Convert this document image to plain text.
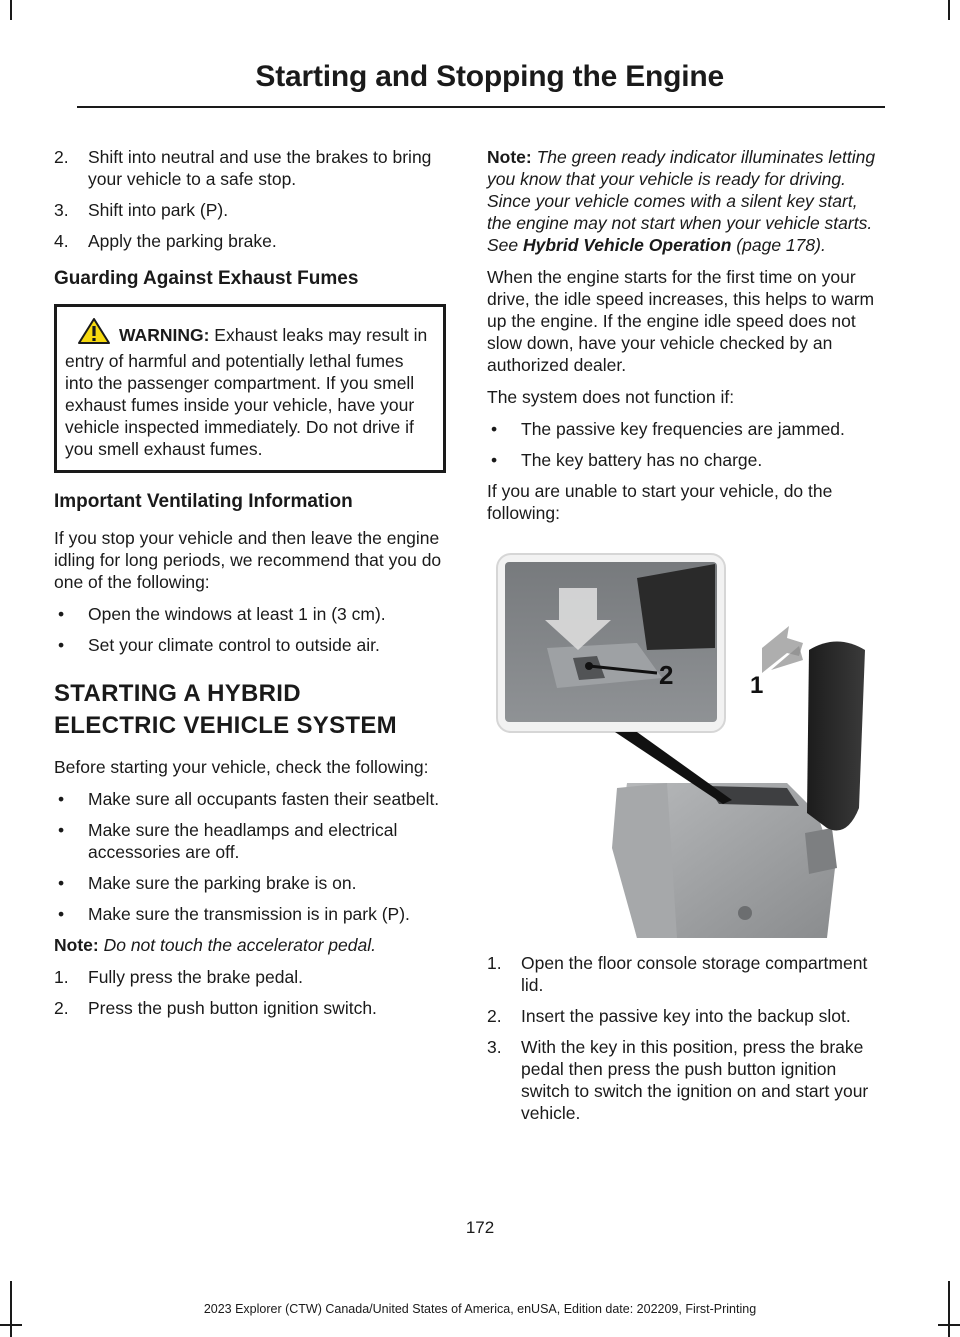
Starting and Stopping the Engine
2. Shift into neutral and use the brakes to bring your vehicle to a safe stop.
3. Shift into park (P).
4. Apply the parking brake.
Guarding Against Exhaust Fumes
WARNING: Exhaust leaks may result in entry of harmful and potentially lethal fumes into the passenger compartment. If you smell exhaust fumes inside your vehicle, have your vehicle inspected immediately. Do not drive if you smell exhaust fumes.
Important Ventilating Information

If you stop your vehicle and then leave the engine idling for long periods, we recommend that you do one of the following:

• Open the windows at least 1 in (3 cm).
• Set your climate control to outside air.
STARTING A HYBRID
ELECTRIC VEHICLE SYSTEM

Before starting your vehicle, check the following:

• Make sure all occupants fasten their seatbelt.
• Make sure the headlamps and electrical accessories are off.
• Make sure the parking brake is on.
• Make sure the transmission is in park (P).

Note: Do not touch the accelerator pedal.

1. Fully press the brake pedal.
2. Press the push button ignition switch.

Note: The green ready indicator illuminates letting you know that your vehicle is ready for driving. Since your vehicle comes with a silent key start, the engine may not start when your vehicle starts. See Hybrid Vehicle Operation (page 178).

When the engine starts for the first time on your drive, the idle speed increases, this helps to warm up the engine. If the engine idle speed does not slow down, have your vehicle checked by an authorized dealer.

The system does not function if:

• The passive key frequencies are jammed.
• The key battery has no charge.

If you are unable to start your vehicle, do the following:

2	1
1. Open the floor console storage compartment lid.
2. Insert the passive key into the backup slot.
3. With the key in this position, press the brake pedal then press the push button ignition switch to switch the ignition on and start your vehicle.
172
2023 Explorer (CTW) Canada/United States of America, enUSA, Edition date: 202209, First-Printing
